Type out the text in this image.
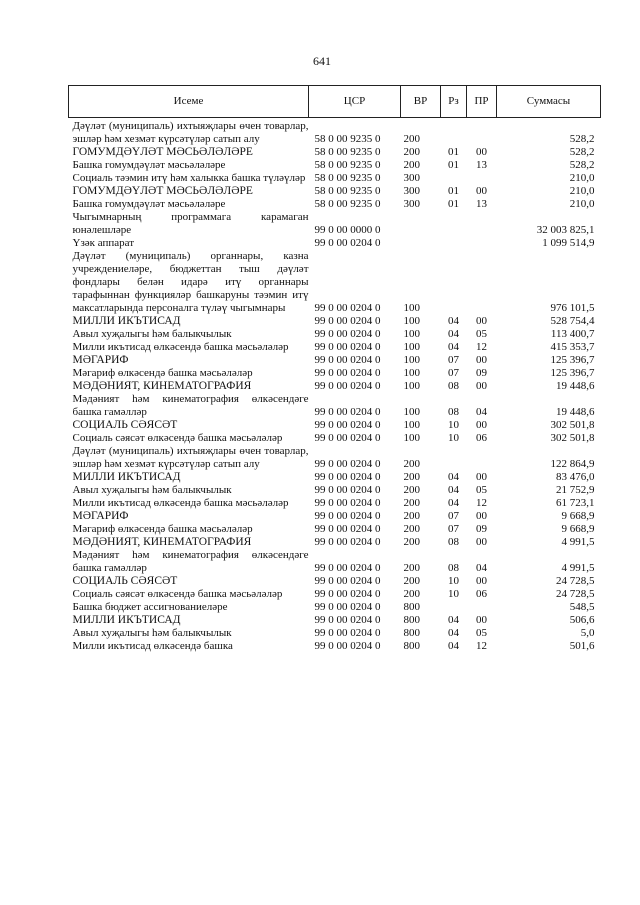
641
Исеме	ЦСР	ВР	Рз	ПР	Суммасы
Дәүләт (муниципаль) ихтыяҗлары өчен товарлар, эшләр һәм хезмәт күрсәтүләр сатып алу	58 0 00 9235 0	200			528,2
ГОМУМДӘҮЛӘТ МӘСЬӘЛӘЛӘРЕ	58 0 00 9235 0	200	01	00	528,2
Башка гомумдәүләт мәсьәләләре	58 0 00 9235 0	200	01	13	528,2
Социаль тәэмин итү һәм халыкка башка түләүләр	58 0 00 9235 0	300			210,0
ГОМУМДӘҮЛӘТ МӘСЬӘЛӘЛӘРЕ	58 0 00 9235 0	300	01	00	210,0
Башка гомумдәүләт мәсьәләләре	58 0 00 9235 0	300	01	13	210,0
Чыгымнарның программага карамаган юнәлешләре	99 0 00 0000 0				32 003 825,1
Үзәк аппарат	99 0 00 0204 0				1 099 514,9
Дәүләт (муниципаль) органнары, казна учреждениеләре, бюджеттан тыш дәүләт фондлары белән идарә итү органнары тарафыннан функцияләр башкаруны тәэмин итү максатларында персоналга түләү чыгымнары	99 0 00 0204 0	100			976 101,5
МИЛЛИ ИКЪТИСАД	99 0 00 0204 0	100	04	00	528 754,4
Авыл хуҗалыгы һәм балыкчылык	99 0 00 0204 0	100	04	05	113 400,7
Милли икътисад өлкәсендә башка мәсьәләләр	99 0 00 0204 0	100	04	12	415 353,7
МӘГАРИФ	99 0 00 0204 0	100	07	00	125 396,7
Мәгариф өлкәсендә башка мәсьәләләр	99 0 00 0204 0	100	07	09	125 396,7
МӘДӘНИЯТ, КИНЕМАТОГРАФИЯ	99 0 00 0204 0	100	08	00	19 448,6
Мәдәният һәм кинематография өлкәсендәге башка гамәлләр	99 0 00 0204 0	100	08	04	19 448,6
СОЦИАЛЬ СӘЯСӘТ	99 0 00 0204 0	100	10	00	302 501,8
Социаль сәясәт өлкәсендә башка мәсьәләләр	99 0 00 0204 0	100	10	06	302 501,8
Дәүләт (муниципаль) ихтыяҗлары өчен товарлар, эшләр һәм хезмәт күрсәтүләр сатып алу	99 0 00 0204 0	200			122 864,9
МИЛЛИ ИКЪТИСАД	99 0 00 0204 0	200	04	00	83 476,0
Авыл хуҗалыгы һәм балыкчылык	99 0 00 0204 0	200	04	05	21 752,9
Милли икътисад өлкәсендә башка мәсьәләләр	99 0 00 0204 0	200	04	12	61 723,1
МӘГАРИФ	99 0 00 0204 0	200	07	00	9 668,9
Мәгариф өлкәсендә башка мәсьәләләр	99 0 00 0204 0	200	07	09	9 668,9
МӘДӘНИЯТ, КИНЕМАТОГРАФИЯ	99 0 00 0204 0	200	08	00	4 991,5
Мәдәният һәм кинематография өлкәсендәге башка гамәлләр	99 0 00 0204 0	200	08	04	4 991,5
СОЦИАЛЬ СӘЯСӘТ	99 0 00 0204 0	200	10	00	24 728,5
Социаль сәясәт өлкәсендә башка мәсьәләләр	99 0 00 0204 0	200	10	06	24 728,5
Башка бюджет ассигнованиеләре	99 0 00 0204 0	800			548,5
МИЛЛИ ИКЪТИСАД	99 0 00 0204 0	800	04	00	506,6
Авыл хуҗалыгы һәм балыкчылык	99 0 00 0204 0	800	04	05	5,0
Милли икътисад өлкәсендә башка	99 0 00 0204 0	800	04	12	501,6
